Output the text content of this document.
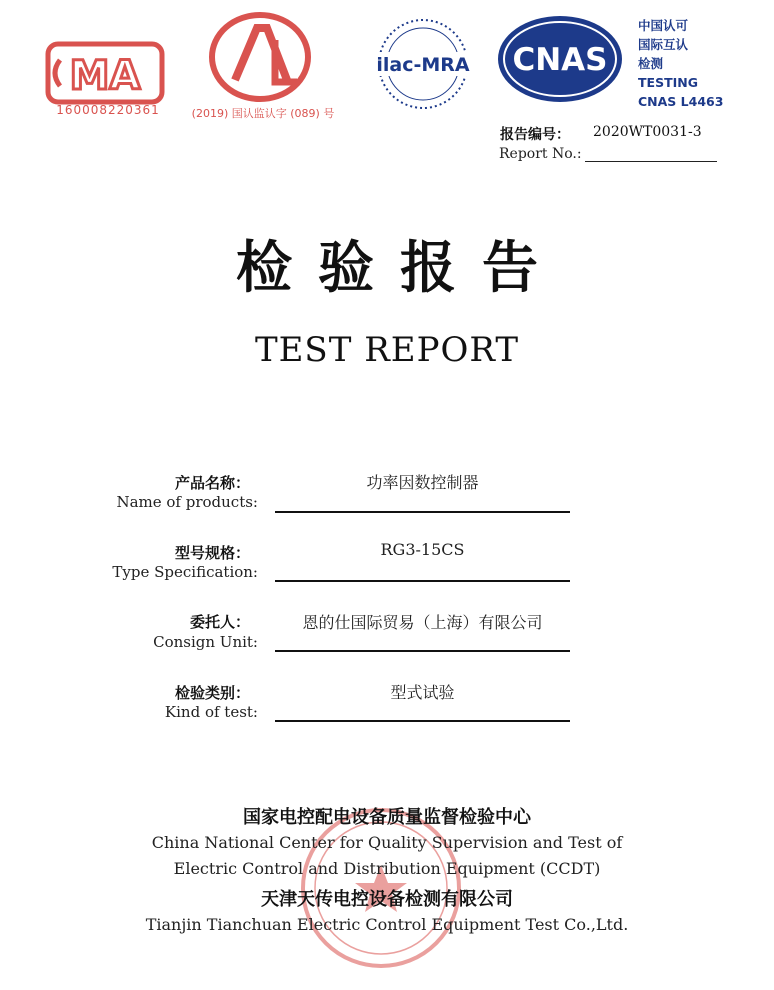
MA
160008220361	(2019) 国认监认字 (089) 号
ilac-MRA CNAS
中国认可
国际互认
检测
TESTING
CNAS L4463
报告编号： 2020WT0031-3
Report No.:
检验报告
TEST REPORT
产品名称：
Name of products:
功率因数控制器
型号规格：
Type Specification:
RG3-15CS
委托人：
Consign Unit:
恩的仕国际贸易（上海）有限公司
检验类别：
Kind of test:
型式试验
国家电控配电设备质量监督检验中心
China National Center for Quality Supervision and Test of
Electric Control and Distribution Equipment (CCDT)
天津天传电控设备检测有限公司
Tianjin Tianchuan Electric Control Equipment Test Co.,Ltd.
